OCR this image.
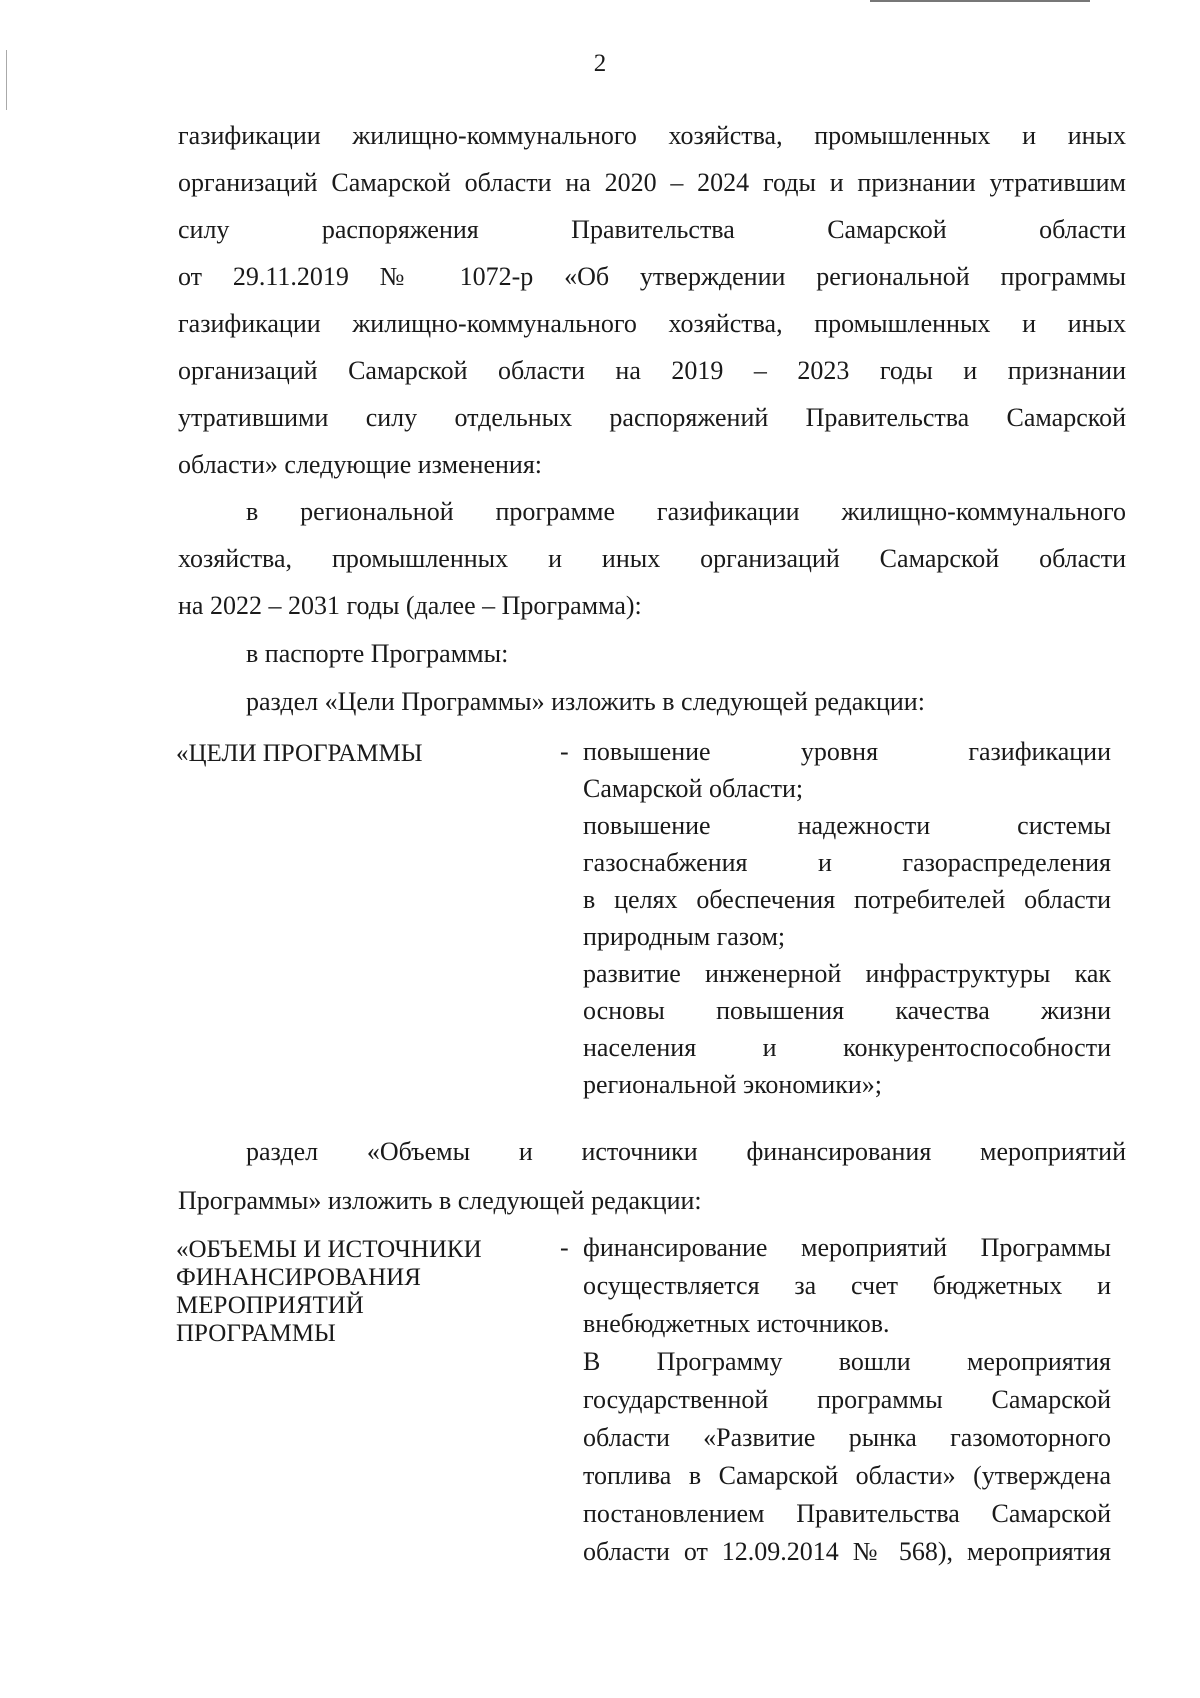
2
газификации жилищно-коммунального хозяйства, промышленных и иных
организаций Самарской области на 2020 – 2024 годы и признании утратившим
силу распоряжения Правительства Самарской области
от 29.11.2019 № 1072-р «Об утверждении региональной программы
газификации жилищно-коммунального хозяйства, промышленных и иных
организаций Самарской области на 2019 – 2023 годы и признании
утратившими силу отдельных распоряжений Правительства Самарской
области» следующие изменения:
в региональной программе газификации жилищно-коммунального
хозяйства, промышленных и иных организаций Самарской области
на 2022 – 2031 годы (далее – Программа):
в паспорте Программы:
раздел «Цели Программы» изложить в следующей редакции:
«ЦЕЛИ ПРОГРАММЫ	- повышение уровня газификации
Самарской области;
повышение надежности системы
газоснабжения и газораспределения
в целях обеспечения потребителей области
природным газом;
развитие инженерной инфраструктуры как
основы повышения качества жизни
населения и конкурентоспособности
региональной экономики»;
раздел «Объемы и источники финансирования мероприятий
Программы» изложить в следующей редакции:
«ОБЪЕМЫ И ИСТОЧНИКИ
ФИНАНСИРОВАНИЯ
МЕРОПРИЯТИЙ
ПРОГРАММЫ
- финансирование мероприятий Программы
осуществляется за счет бюджетных и
внебюджетных источников.
В Программу вошли мероприятия
государственной программы Самарской
области «Развитие рынка газомоторного
топлива в Самарской области» (утверждена
постановлением Правительства Самарской
области от 12.09.2014 № 568), мероприятия
